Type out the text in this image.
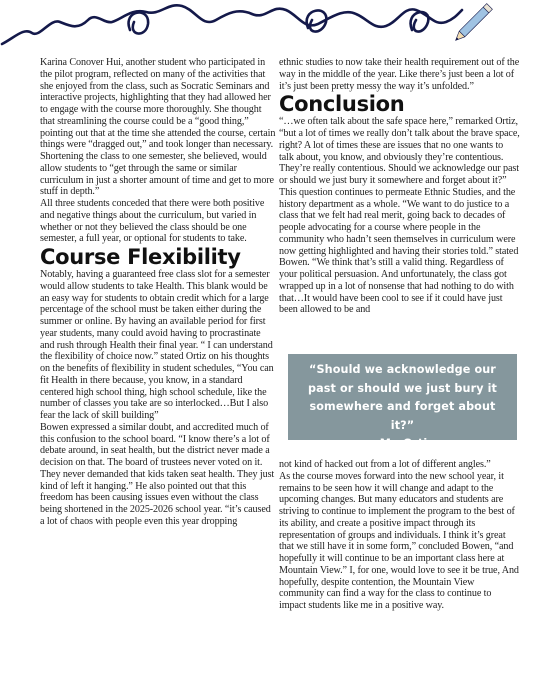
Karina Conover Hui, another student who participated in the pilot program, reflected on many of the activities that she enjoyed from the class, such as Socratic Seminars and interactive projects, highlighting that they had allowed her to engage with the course more thoroughly. She thought that streamlining the course could be a “good thing,” pointing out that at the time she attended the course, certain things were “dragged out,” and took longer than necessary. Shortening the class to one semester, she believed, would allow students to “get through the same or similar curriculum in just a shorter amount of time and get to more stuff in depth.”

All three students conceded that there were both positive and negative things about the curriculum, but varied in whether or not they believed the class should be one semester, a full year, or optional for students to take.

Course Flexibility

Notably, having a guaranteed free class slot for a semester would allow students to take Health. This blank would be an easy way for students to obtain credit which for a large percentage of the school must be taken either during the summer or online. By having an available period for first year students, many could avoid having to procrastinate and rush through Health their final year. “ I can understand the flexibility of choice now.” stated Ortiz on his thoughts on the benefits of flexibility in student schedules, “You can fit Health in there because, you know, in a standard centered high school thing, high school schedule, like the number of classes you take are so interlocked…But I also fear the lack of skill building”

Bowen expressed a similar doubt, and accredited much of this confusion to the school board. “I know there’s a lot of debate around, in seat health, but the district never made a decision on that. The board of trustees never voted on it. They never demanded that kids taken seat health. They just kind of left it hanging.” He also pointed out that this freedom has been causing issues even without the class being shortened in the 2025-2026 school year. “it’s caused a lot of chaos with people even this year dropping

ethnic studies to now take their health requirement out of the way in the middle of the year. Like there’s just been a lot of it’s just been pretty messy the way it’s unfolded.”

Conclusion

“…we often talk about the safe space here,” remarked Ortiz, “but a lot of times we really don’t talk about the brave space, right? A lot of times these are issues that no one wants to talk about, you know, and obviously they’re contentious. They’re really contentious. Should we acknowledge our past or should we just bury it somewhere and forget about it?”

This question continues to permeate Ethnic Studies, and the history department as a whole. “We want to do justice to a class that we felt had real merit, going back to decades of people advocating for a course where people in the community who hadn’t seen themselves in curriculum were now getting highlighted and having their stories told.” stated Bowen. “We think that’s still a valid thing. Regardless of your political persuasion. And unfortunately, the class got wrapped up in a lot of nonsense that had nothing to do with that…It would have been cool to see if it could have just been allowed to be and

“Should we acknowledge our past or should we just bury it somewhere and forget about it?”

- Mr. Ortiz

not kind of hacked out from a lot of different angles.”

As the course moves forward into the new school year, it remains to be seen how it will change and adapt to the upcoming changes. But many educators and students are striving to continue to implement the program to the best of its ability, and create a positive impact through its representation of groups and individuals. I think it’s great that we still have it in some form,” concluded Bowen, “and hopefully it will continue to be an important class here at Mountain View.” I, for one, would love to see it be true, And hopefully, despite contention, the Mountain View community can find a way for the class to continue to impact students like me in a positive way.
